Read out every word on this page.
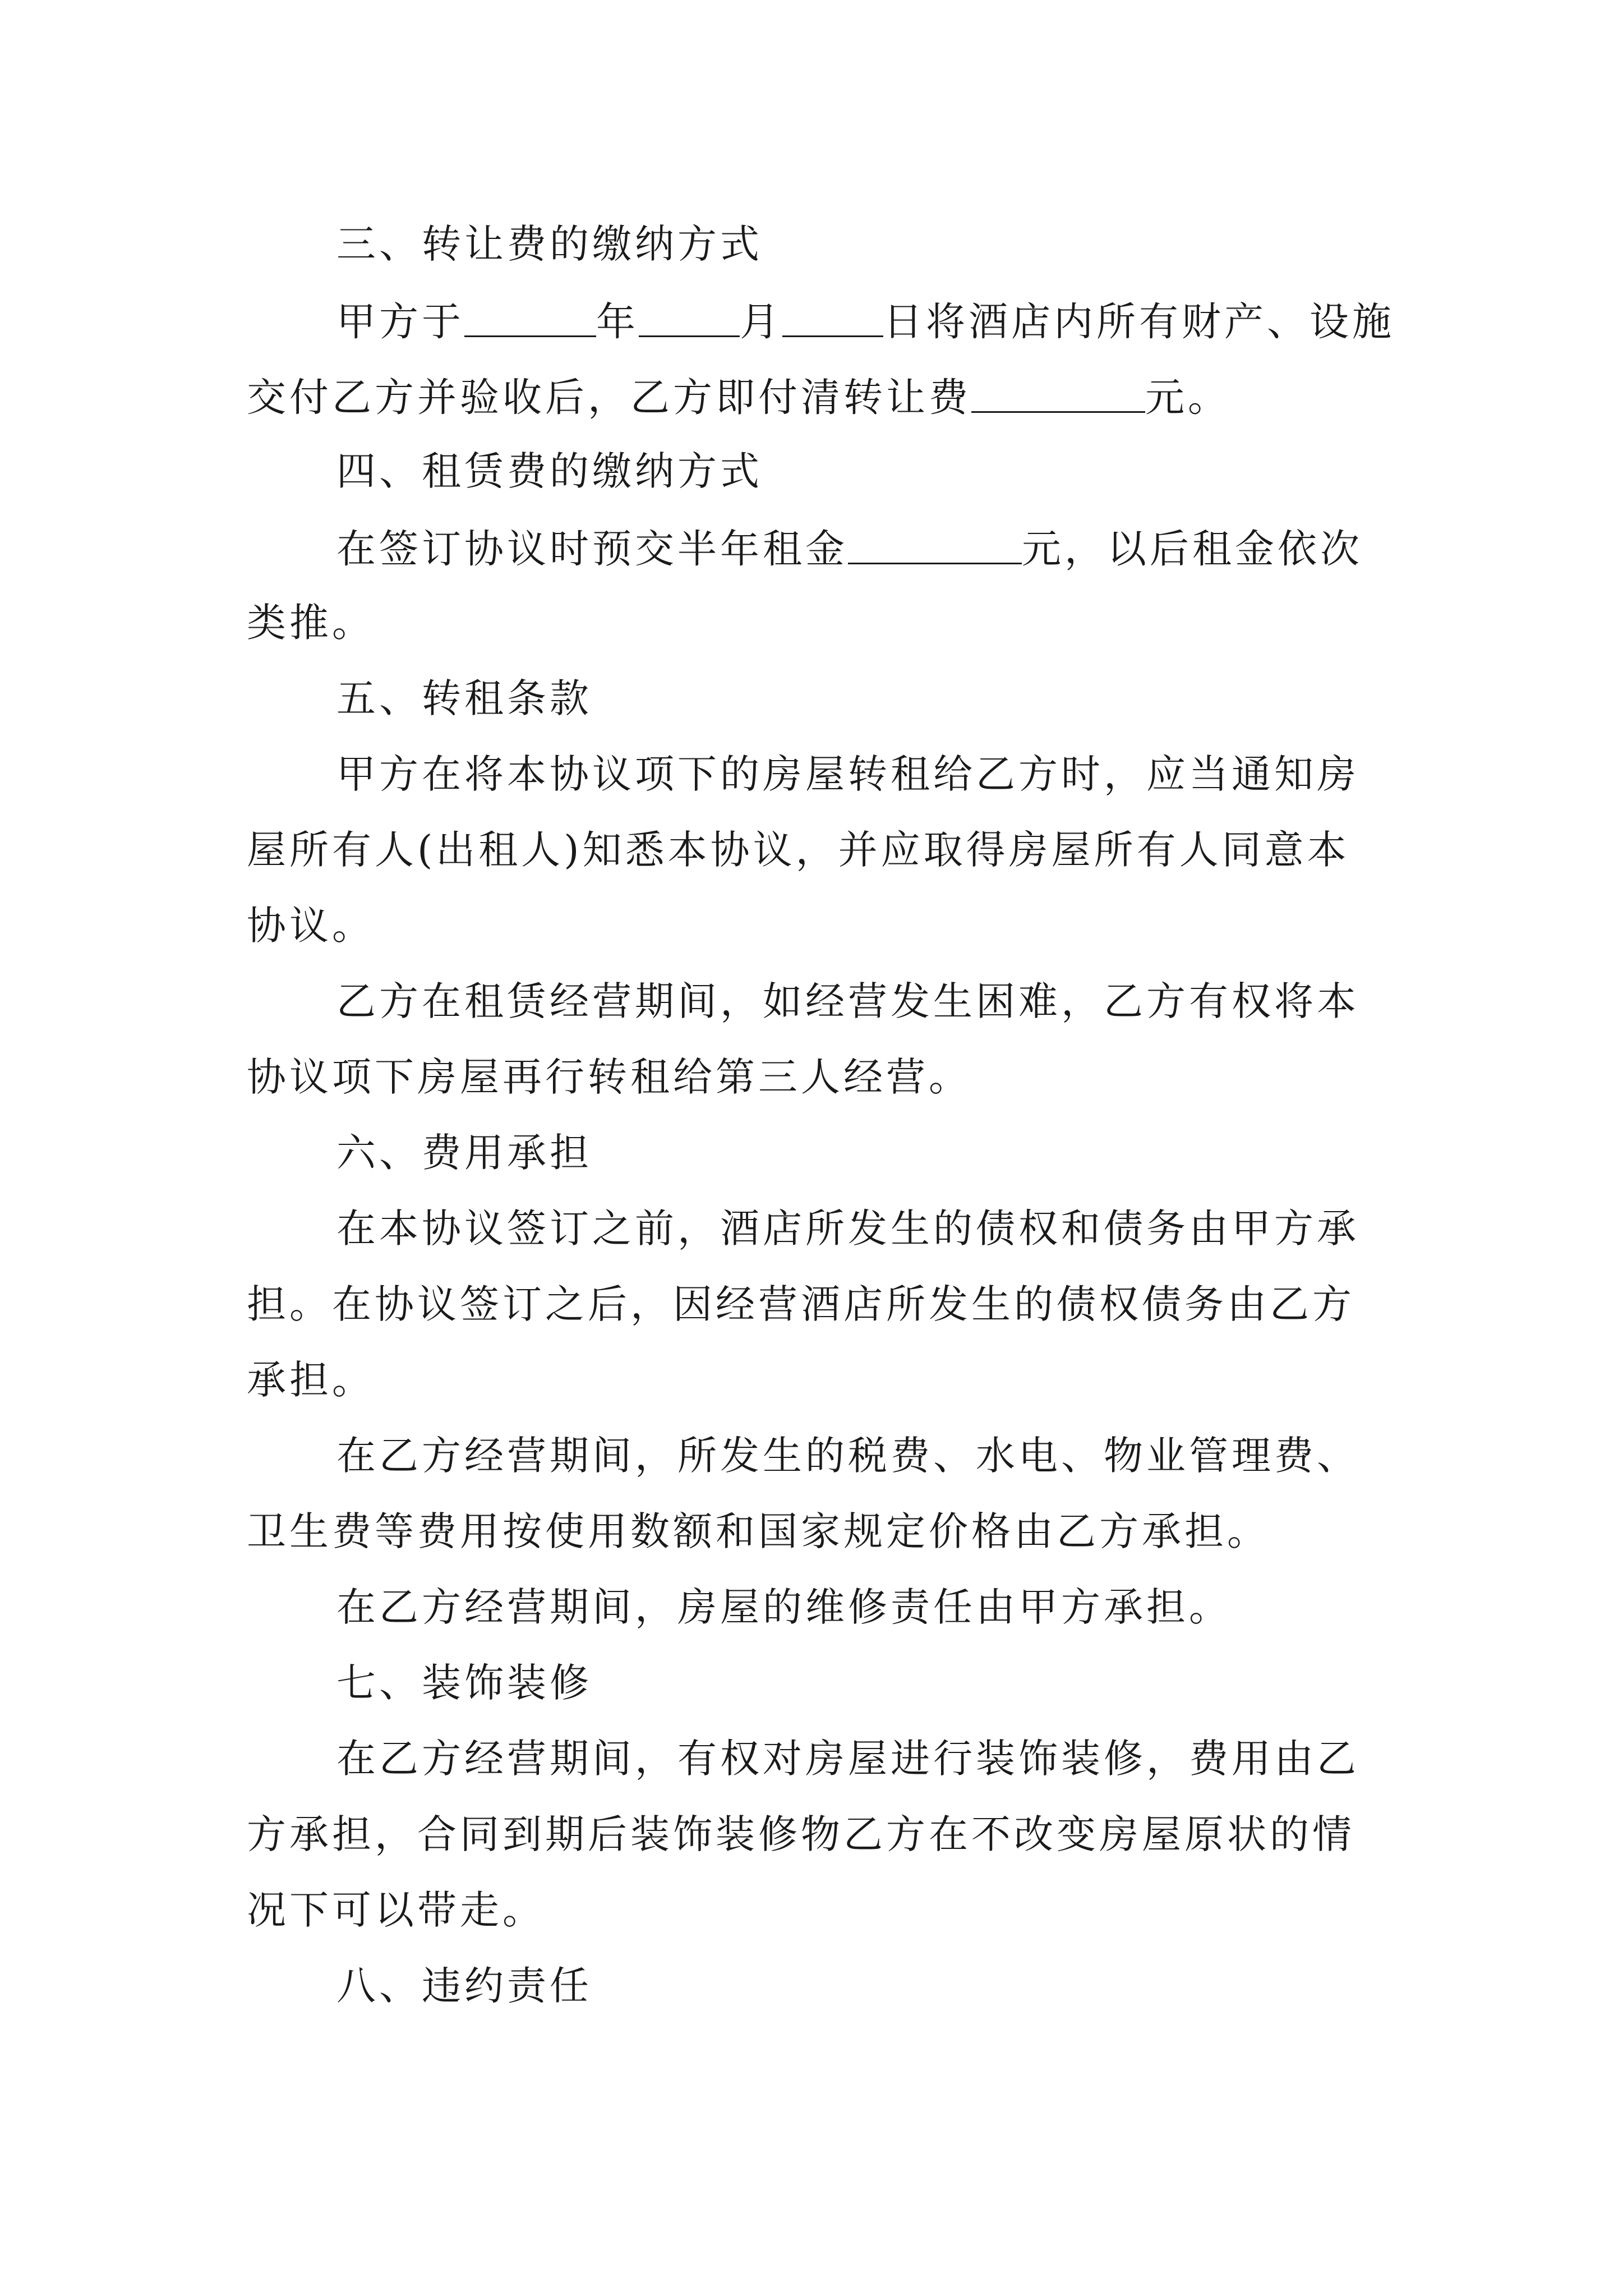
三、转让费的缴纳方式
甲方于	年	月	日将酒店内所有财产、设施
交付乙方并验收后，乙方即付清转让费	元。
四、租赁费的缴纳方式
在签订协议时预交半年租金	元，以后租金依次
类推。
五、转租条款
甲方在将本协议项下的房屋转租给乙方时，应当通知房
屋所有人(出租人)知悉本协议，并应取得房屋所有人同意本
协议。
乙方在租赁经营期间，如经营发生困难，乙方有权将本
协议项下房屋再行转租给第三人经营。
六、费用承担
在本协议签订之前，酒店所发生的债权和债务由甲方承
担。在协议签订之后，因经营酒店所发生的债权债务由乙方
承担。
在乙方经营期间，所发生的税费、水电、物业管理费、
卫生费等费用按使用数额和国家规定价格由乙方承担。
在乙方经营期间，房屋的维修责任由甲方承担。
七、装饰装修
在乙方经营期间，有权对房屋进行装饰装修，费用由乙
方承担，合同到期后装饰装修物乙方在不改变房屋原状的情
况下可以带走。
八、违约责任
